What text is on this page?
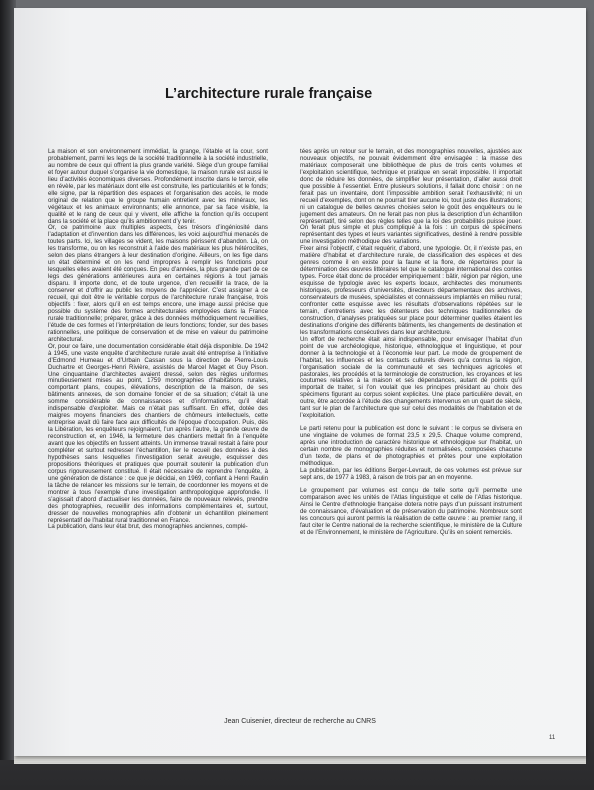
L’architecture rurale française

La maison et son environnement immédiat, la grange, l’étable et la cour, sont probablement, parmi les legs de la société traditionnelle à la société industrielle, au nombre de ceux qui offrent la plus grande variété. Siège d’un groupe familial et foyer autour duquel s’organise la vie domestique, la maison rurale est aussi le lieu d’activités économiques diverses. Profondément inscrite dans le terroir, elle en révèle, par les matériaux dont elle est construite, les particularités et le fonds; elle signe, par la répartition des espaces et l’organisation des accès, le mode original de relation que le groupe humain entretient avec les minéraux, les végétaux et les animaux environnants; elle annonce, par sa face visible, la qualité et le rang de ceux qui y vivent, elle affiche la fonction qu’ils occupent dans la société et la place qu’ils ambitionnent d’y tenir.

Or, ce patrimoine aux multiples aspects, ces trésors d’ingéniosité dans l’adaptation et d’invention dans les différences, les voici aujourd’hui menacés de toutes parts. Ici, les villages se vident, les maisons périssent d’abandon. Là, on les transforme, ou on les reconstruit à l’aide des matériaux les plus hétéroclites, selon des plans étrangers à leur destination d’origine. Ailleurs, on les fige dans un état déterminé et on les rend impropres à remplir les fonctions pour lesquelles elles avaient été conçues. En peu d’années, la plus grande part de ce legs des générations antérieures aura en certaines régions à tout jamais disparu. Il importe donc, et de toute urgence, d’en recueillir la trace, de la conserver et d’offrir au public les moyens de l’apprécier. C’est assigner à ce recueil, qui doit être le véritable corpus de l’architecture rurale française, trois objectifs : fixer, alors qu’il en est temps encore, une image aussi précise que possible du système des formes architecturales employées dans la France rurale traditionnelle; préparer, grâce à des données méthodiquement recueillies, l’étude de ces formes et l’interprétation de leurs fonctions; fonder, sur des bases rationnelles, une politique de conservation et de mise en valeur du patrimoine architectural.

Or, pour ce faire, une documentation considérable était déjà disponible. De 1942 à 1945, une vaste enquête d’architecture rurale avait été entreprise à l’initiative d’Edmond Humeau et d’Urbain Cassan sous la direction de Pierre-Louis Duchartre et Georges-Henri Rivière, assistés de Marcel Maget et Guy Pison. Une cinquantaine d’architectes avaient dressé, selon des règles uniformes minutieusement mises au point, 1759 monographies d’habitations rurales, comportant plans, coupes, élévations, description de la maison, de ses bâtiments annexes, de son domaine foncier et de sa situation; c’était là une somme considérable de connaissances et d’informations, qu’il était indispensable d’exploiter. Mais ce n’était pas suffisant. En effet, dotée des maigres moyens financiers des chantiers de chômeurs intellectuels, cette entreprise avait dû faire face aux difficultés de l’époque d’occupation. Puis, dès la Libération, les enquêteurs rejoignaient, l’un après l’autre, la grande œuvre de reconstruction et, en 1946, la fermeture des chantiers mettait fin à l’enquête avant que les objectifs en fussent atteints. Un immense travail restait à faire pour compléter et surtout redresser l’échantillon, lier le recueil des données à des hypothèses sans lesquelles l’investigation serait aveugle, esquisser des propositions théoriques et pratiques que pourrait soutenir la publication d’un corpus rigoureusement constitué. Il était nécessaire de reprendre l’enquête, à une génération de distance : ce que je décidai, en 1969, confiant à Henri Raulin la tâche de relancer les missions sur le terrain, de coordonner les moyens et de montrer à tous l’exemple d’une investigation anthropologique approfondie. Il s’agissait d’abord d’actualiser les données, faire de nouveaux relevés, prendre des photographies, recueillir des informations complémentaires et, surtout, dresser de nouvelles monographies afin d’obtenir un échantillon pleinement représentatif de l’habitat rural traditionnel en France.

La publication, dans leur état brut, des monographies anciennes, complé-

tées après un retour sur le terrain, et des monographies nouvelles, ajustées aux nouveaux objectifs, ne pouvait évidemment être envisagée : la masse des matériaux composerait une bibliothèque de plus de trois cents volumes et l’exploitation scientifique, technique et pratique en serait impossible. Il importait donc de réduire les données, de simplifier leur présentation, d’aller aussi droit que possible à l’essentiel. Entre plusieurs solutions, il fallait donc choisir : on ne ferait pas un inventaire, dont l’impossible ambition serait l’exhaustivité; ni un recueil d’exemples, dont on ne pourrait tirer aucune loi, tout juste des illustrations; ni un catalogue de belles œuvres choisies selon le goût des enquêteurs ou le jugement des amateurs. On ne ferait pas non plus la description d’un échantillon représentatif, tiré selon des règles telles que la loi des probabilités puisse jouer. On ferait plus simple et plus compliqué à la fois : un corpus de spécimens représentant des types et leurs variantes significatives, destiné à rendre possible une investigation méthodique des variations.

Fixer ainsi l’objectif, c’était requérir, d’abord, une typologie. Or, il n’existe pas, en matière d’habitat et d’architecture rurale, de classification des espèces et des genres comme il en existe pour la faune et la flore, de répertoires pour la détermination des œuvres littéraires tel que le catalogue international des contes types. Force était donc de procéder empiriquement : bâtir, région par région, une esquisse de typologie avec les experts locaux, architectes des monuments historiques, professeurs d’universités, directeurs départementaux des archives, conservateurs de musées, spécialistes et connaisseurs implantés en milieu rural; confronter cette esquisse avec les résultats d’observations répétées sur le terrain, d’entretiens avec les détenteurs des techniques traditionnelles de construction, d’analyses pratiquées sur place pour déterminer quelles étaient les destinations d’origine des différents bâtiments, les changements de destination et les transformations consécutives dans leur architecture.

Un effort de recherche était ainsi indispensable, pour envisager l’habitat d’un point de vue archéologique, historique, ethnologique et linguistique, et pour donner à la technologie et à l’économie leur part. Le mode de groupement de l’habitat, les influences et les contacts culturels divers qu’a connus la région, l’organisation sociale de la communauté et ses techniques agricoles et pastorales, les procédés et la terminologie de construction, les croyances et les coutumes relatives à la maison et ses dépendances, autant de points qu’il importait de traiter, si l’on voulait que les principes présidant au choix des spécimens figurant au corpus soient explicites. Une place particulière devait, en outre, être accordée à l’étude des changements intervenus en un quart de siècle, tant sur le plan de l’architecture que sur celui des modalités de l’habitation et de l’exploitation.

Le parti retenu pour la publication est donc le suivant : le corpus se divisera en une vingtaine de volumes de format 23,5 x 29,5. Chaque volume comprend, après une introduction de caractère historique et ethnologique sur l’habitat, un certain nombre de monographies réduites et normalisées, composées chacune d’un texte, de plans et de photographies et prêtes pour une exploitation méthodique.

La publication, par les éditions Berger-Levrault, de ces volumes est prévue sur sept ans, de 1977 à 1983, à raison de trois par an en moyenne.

Le groupement par volumes est conçu de telle sorte qu’il permette une comparaison avec les unités de l’Atlas linguistique et celle de l’Atlas historique. Ainsi le Centre d’ethnologie française dotera notre pays d’un puissant instrument de connaissance, d’évaluation et de préservation du patrimoine. Nombreux sont les concours qui auront permis la réalisation de cette œuvre : au premier rang, il faut citer le Centre national de la recherche scientifique, le ministère de la Culture et de l’Environnement, le ministère de l’Agriculture. Qu’ils en soient remerciés.

Jean Cuisenier, directeur de recherche au CNRS
11
